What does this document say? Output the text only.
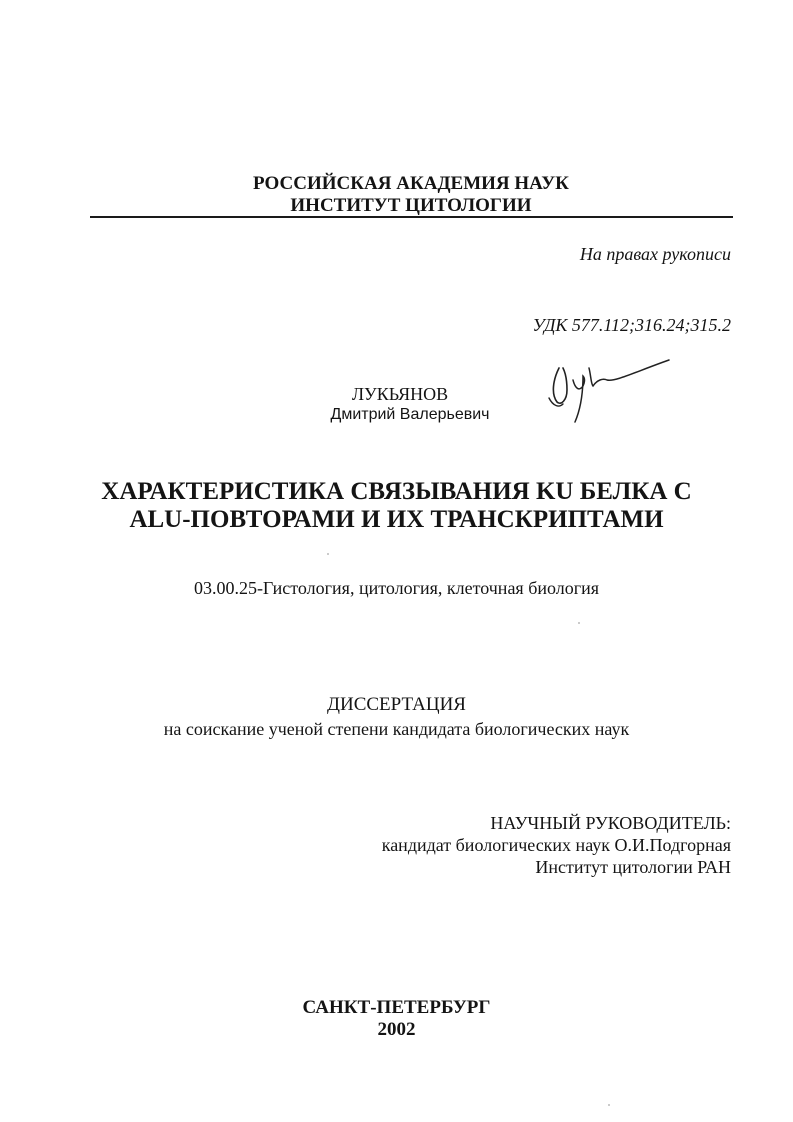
РОССИЙСКАЯ АКАДЕМИЯ НАУК
ИНСТИТУТ ЦИТОЛОГИИ
На правах рукописи
УДК 577.112;316.24;315.2
ЛУКЬЯНОВ
Дмитрий Валерьевич
ХАРАКТЕРИСТИКА СВЯЗЫВАНИЯ KU БЕЛКА С
ALU-ПОВТОРАМИ И ИХ ТРАНСКРИПТАМИ
03.00.25-Гистология, цитология, клеточная биология
ДИССЕРТАЦИЯ
на соискание ученой степени кандидата биологических наук
НАУЧНЫЙ РУКОВОДИТЕЛЬ:
кандидат биологических наук О.И.Подгорная
Институт цитологии РАН
САНКТ-ПЕТЕРБУРГ
2002
